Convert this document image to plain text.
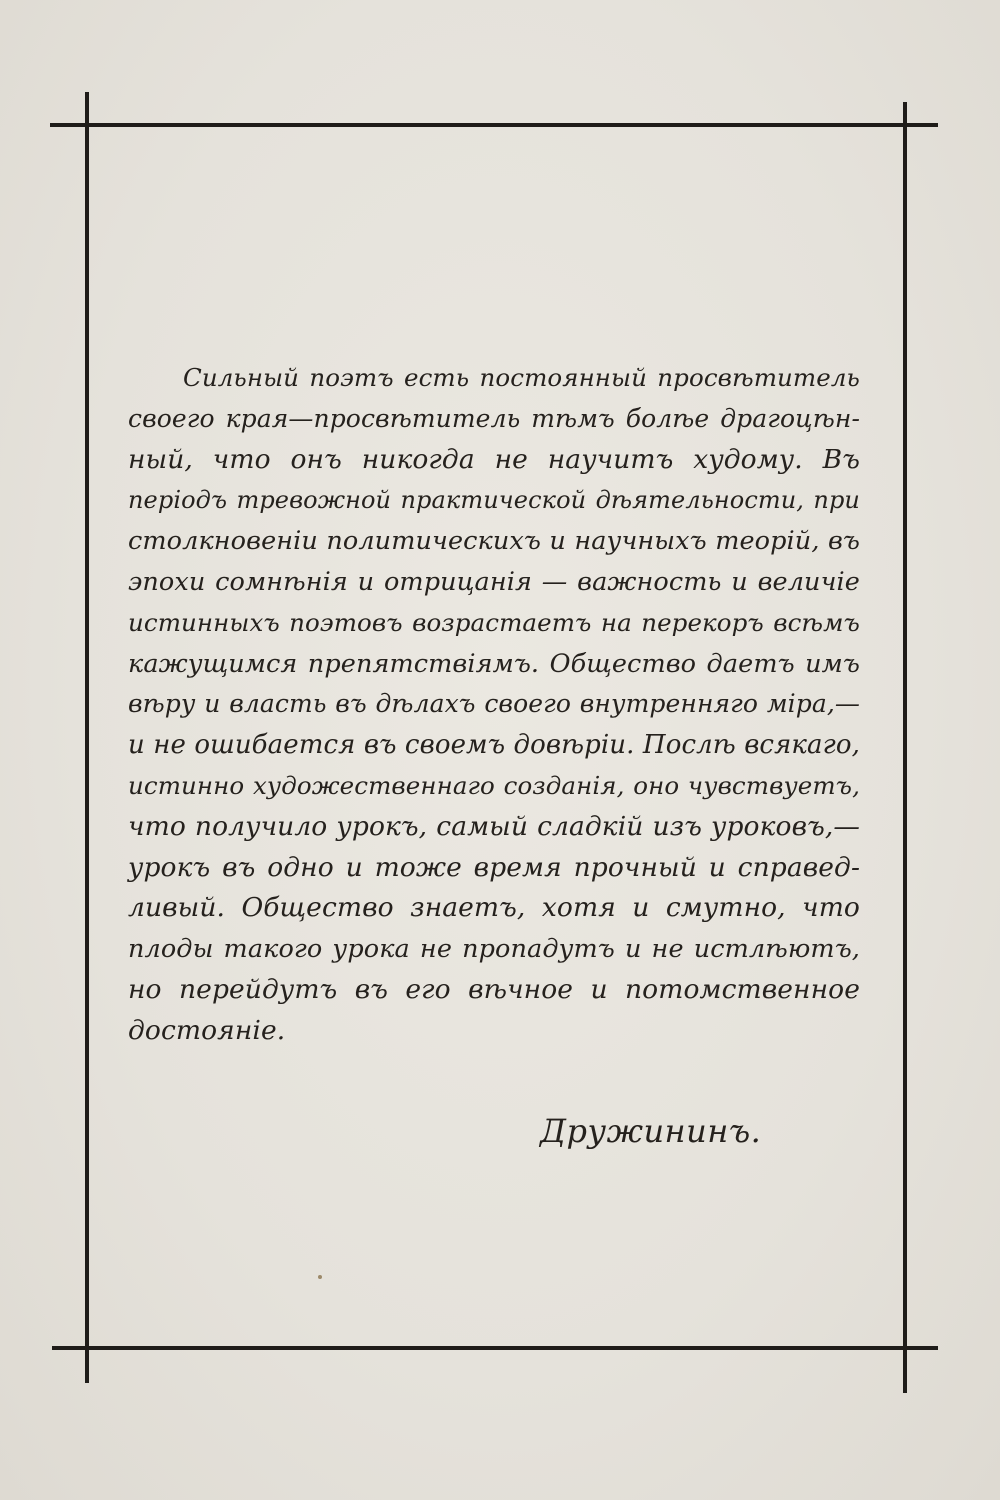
Сильный поэтъ есть постоянный просвѣтитель
своего края—просвѣтитель тѣмъ болѣе драгоцѣн-
ный, что онъ никогда не научитъ худому. Въ
періодъ тревожной практической дѣятельности, при
столкновеніи политическихъ и научныхъ теорій, въ
эпохи сомнѣнія и отрицанія — важность и величіе
истинныхъ поэтовъ возрастаетъ на перекоръ всѣмъ
кажущимся препятствіямъ. Общество даетъ имъ
вѣру и власть въ дѣлахъ своего внутренняго міра,—
и не ошибается въ своемъ довѣріи. Послѣ всякаго,
истинно художественнаго созданія, оно чувствуетъ,
что получило урокъ, самый сладкій изъ уроковъ,—
урокъ въ одно и тоже время прочный и справед-
ливый. Общество знаетъ, хотя и смутно, что
плоды такого урока не пропадутъ и не истлѣютъ,
но перейдутъ въ его вѣчное и потомственное
достояніе.
Дружининъ.
